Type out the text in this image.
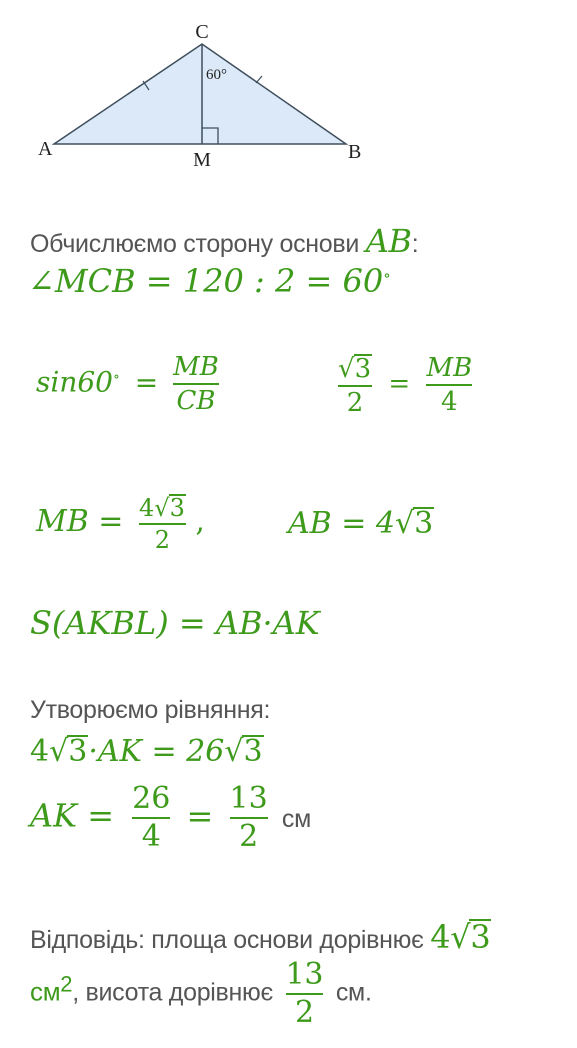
C
A	B
M
60°
Обчислюємо сторону основи AB:
∠MCB = 120 : 2 = 60∘
$\sin 60^\circ = \frac{MB}{CB}$	$\frac{√3}{2} = \frac{MB}{4}$
MB = $\frac{4√3}{2}$ ,	AB = 4√3
S(AKBL) = AB·AK
Утворюємо рівняння:
4√3·AK = 26√3
AK = $\frac{26}{4} = \frac{13}{2}$ см
Відповідь: площа основи дорівнює 4√3
$см^2$, висота дорівнює $\frac{13}{2}$ см.
